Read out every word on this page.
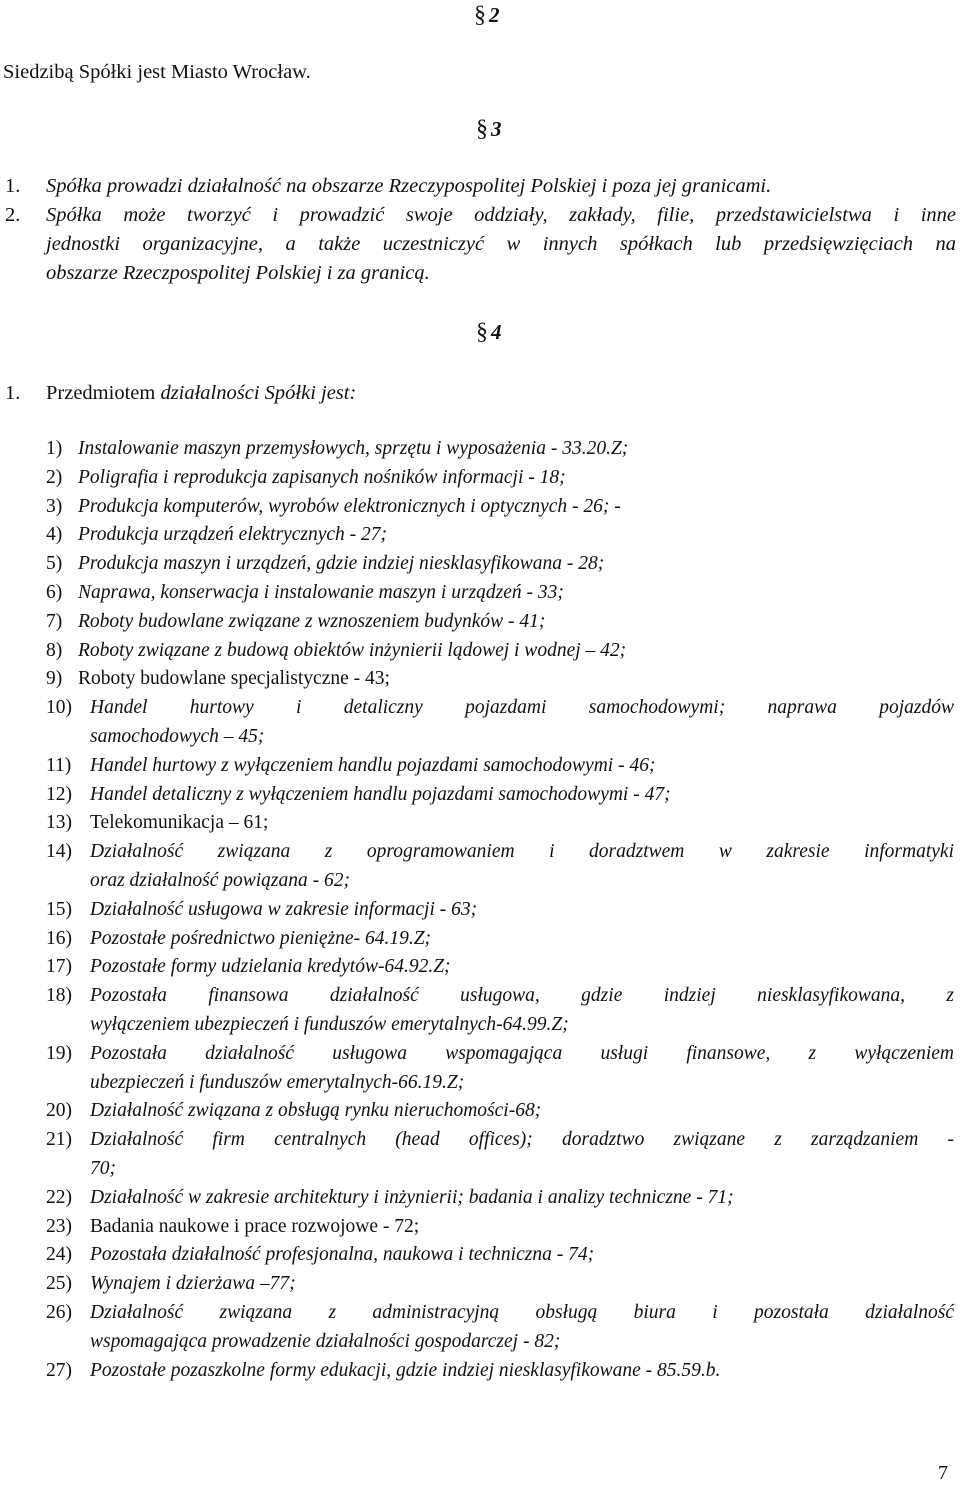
§ 2
Siedzibą Spółki jest Miasto Wrocław.
§ 3
1. Spółka prowadzi działalność na obszarze Rzeczypospolitej Polskiej i poza jej granicami.
2. Spółka może tworzyć i prowadzić swoje oddziały, zakłady, filie, przedstawicielstwa i inne
jednostki organizacyjne, a także uczestniczyć w innych spółkach lub przedsięwzięciach na
obszarze Rzeczpospolitej Polskiej i za granicą.
§ 4
1. Przedmiotem działalności Spółki jest:
1) Instalowanie maszyn przemysłowych, sprzętu i wyposażenia - 33.20.Z;
2) Poligrafia i reprodukcja zapisanych nośników informacji - 18;
3) Produkcja komputerów, wyrobów elektronicznych i optycznych - 26; -
4) Produkcja urządzeń elektrycznych - 27;
5) Produkcja maszyn i urządzeń, gdzie indziej niesklasyfikowana - 28;
6) Naprawa, konserwacja i instalowanie maszyn i urządzeń - 33;
7) Roboty budowlane związane z wznoszeniem budynków - 41;
8) Roboty związane z budową obiektów inżynierii lądowej i wodnej – 42;
9) Roboty budowlane specjalistyczne - 43;
10) Handel hurtowy i detaliczny pojazdami samochodowymi; naprawa pojazdów
samochodowych – 45;
11) Handel hurtowy z wyłączeniem handlu pojazdami samochodowymi - 46;
12) Handel detaliczny z wyłączeniem handlu pojazdami samochodowymi - 47;
13) Telekomunikacja – 61;
14) Działalność związana z oprogramowaniem i doradztwem w zakresie informatyki
oraz działalność powiązana - 62;
15) Działalność usługowa w zakresie informacji - 63;
16) Pozostałe pośrednictwo pieniężne- 64.19.Z;
17) Pozostałe formy udzielania kredytów-64.92.Z;
18) Pozostała finansowa działalność usługowa, gdzie indziej niesklasyfikowana, z
wyłączeniem ubezpieczeń i funduszów emerytalnych-64.99.Z;
19) Pozostała działalność usługowa wspomagająca usługi finansowe, z wyłączeniem
ubezpieczeń i funduszów emerytalnych-66.19.Z;
20) Działalność związana z obsługą rynku nieruchomości-68;
21) Działalność firm centralnych (head offices); doradztwo związane z zarządzaniem -
70;
22) Działalność w zakresie architektury i inżynierii; badania i analizy techniczne - 71;
23) Badania naukowe i prace rozwojowe - 72;
24) Pozostała działalność profesjonalna, naukowa i techniczna - 74;
25) Wynajem i dzierżawa –77;
26) Działalność związana z administracyjną obsługą biura i pozostała działalność
wspomagająca prowadzenie działalności gospodarczej - 82;
27) Pozostałe pozaszkolne formy edukacji, gdzie indziej niesklasyfikowane - 85.59.b.
7
